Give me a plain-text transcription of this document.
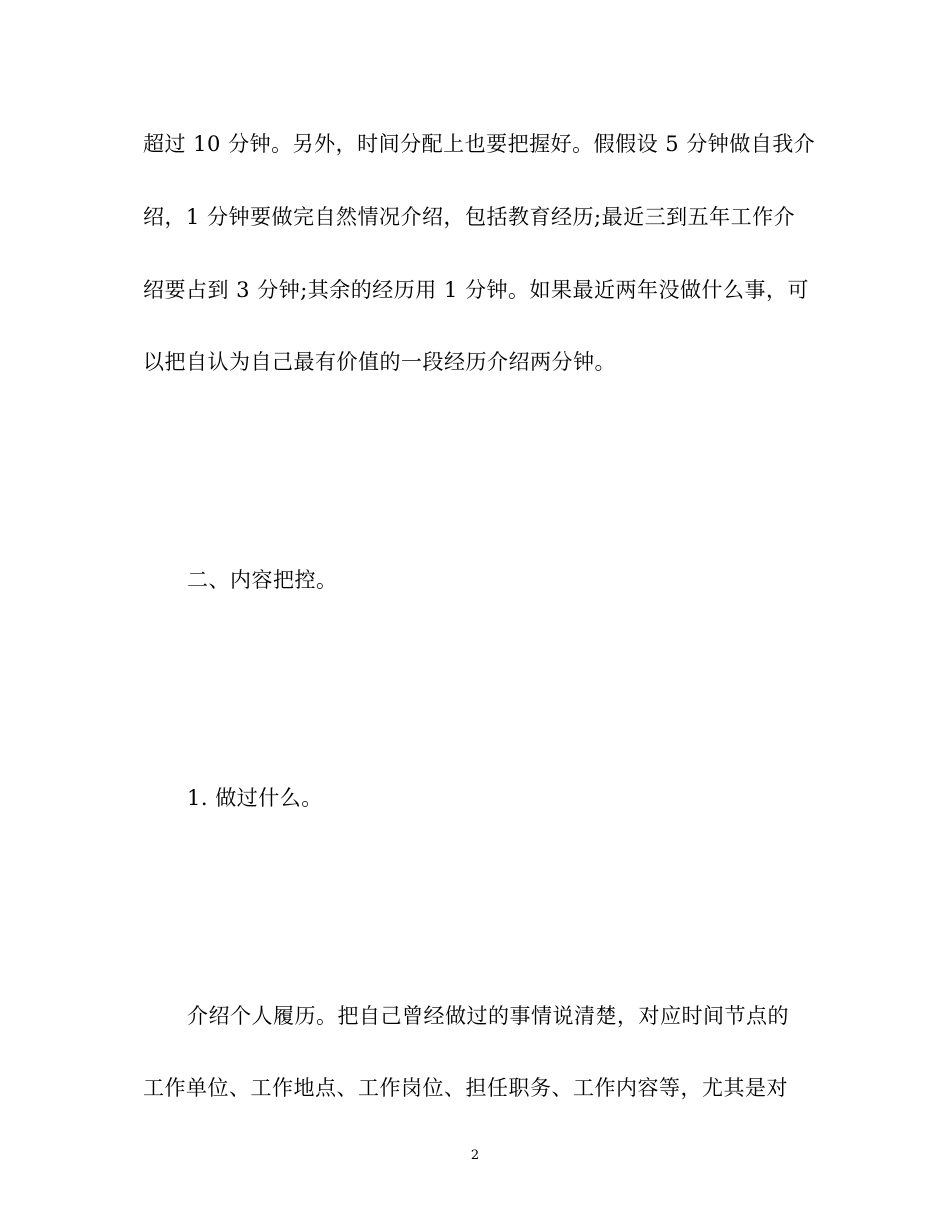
超过 10 分钟。另外，时间分配上也要把握好。假假设 5 分钟做自我介

绍，1 分钟要做完自然情况介绍，包括教育经历;最近三到五年工作介

绍要占到 3 分钟;其余的经历用 1 分钟。如果最近两年没做什么事，可

以把自认为自己最有价值的一段经历介绍两分钟。

二、内容把控。

1. 做过什么。

介绍个人履历。把自己曾经做过的事情说清楚，对应时间节点的

工作单位、工作地点、工作岗位、担任职务、工作内容等，尤其是对

2
